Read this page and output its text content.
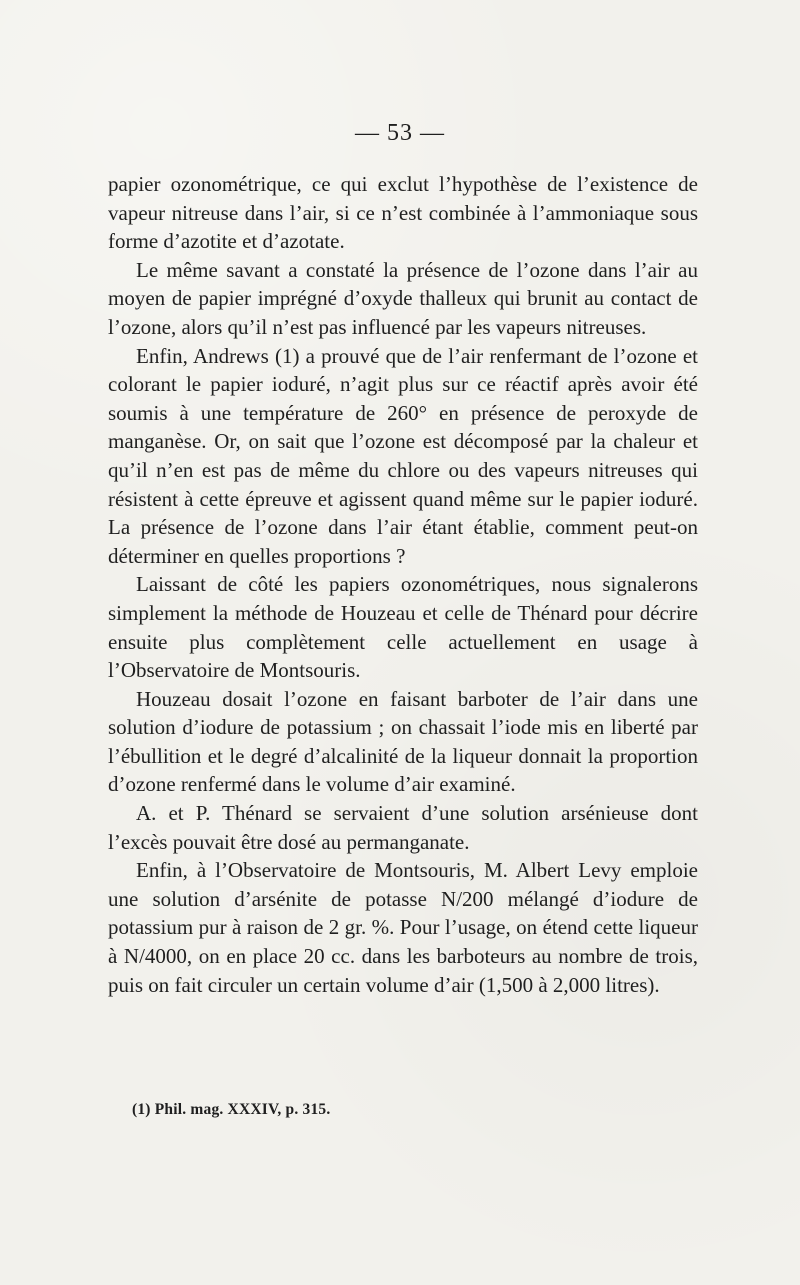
— 53 —

papier ozonométrique, ce qui exclut l’hypothèse de l’existence de vapeur nitreuse dans l’air, si ce n’est combinée à l’ammoniaque sous forme d’azotite et d’azotate.

Le même savant a constaté la présence de l’ozone dans l’air au moyen de papier imprégné d’oxyde thalleux qui brunit au contact de l’ozone, alors qu’il n’est pas influencé par les vapeurs nitreuses.

Enfin, Andrews (1) a prouvé que de l’air renfermant de l’ozone et colorant le papier ioduré, n’agit plus sur ce réactif après avoir été soumis à une température de 260° en présence de peroxyde de manganèse. Or, on sait que l’ozone est décomposé par la chaleur et qu’il n’en est pas de même du chlore ou des vapeurs nitreuses qui résistent à cette épreuve et agissent quand même sur le papier ioduré. La présence de l’ozone dans l’air étant établie, comment peut-on déterminer en quelles proportions ?

Laissant de côté les papiers ozonométriques, nous signalerons simplement la méthode de Houzeau et celle de Thénard pour décrire ensuite plus complètement celle actuellement en usage à l’Observatoire de Montsouris.

Houzeau dosait l’ozone en faisant barboter de l’air dans une solution d’iodure de potassium ; on chassait l’iode mis en liberté par l’ébullition et le degré d’alcalinité de la liqueur donnait la proportion d’ozone renfermé dans le volume d’air examiné.

A. et P. Thénard se servaient d’une solution arsénieuse dont l’excès pouvait être dosé au permanganate.

Enfin, à l’Observatoire de Montsouris, M. Albert Levy emploie une solution d’arsénite de potasse N/200 mélangé d’iodure de potassium pur à raison de 2 gr. %. Pour l’usage, on étend cette liqueur à N/4000, on en place 20 cc. dans les barboteurs au nombre de trois, puis on fait circuler un certain volume d’air (1,500 à 2,000 litres).

(1) Phil. mag. XXXIV, p. 315.
